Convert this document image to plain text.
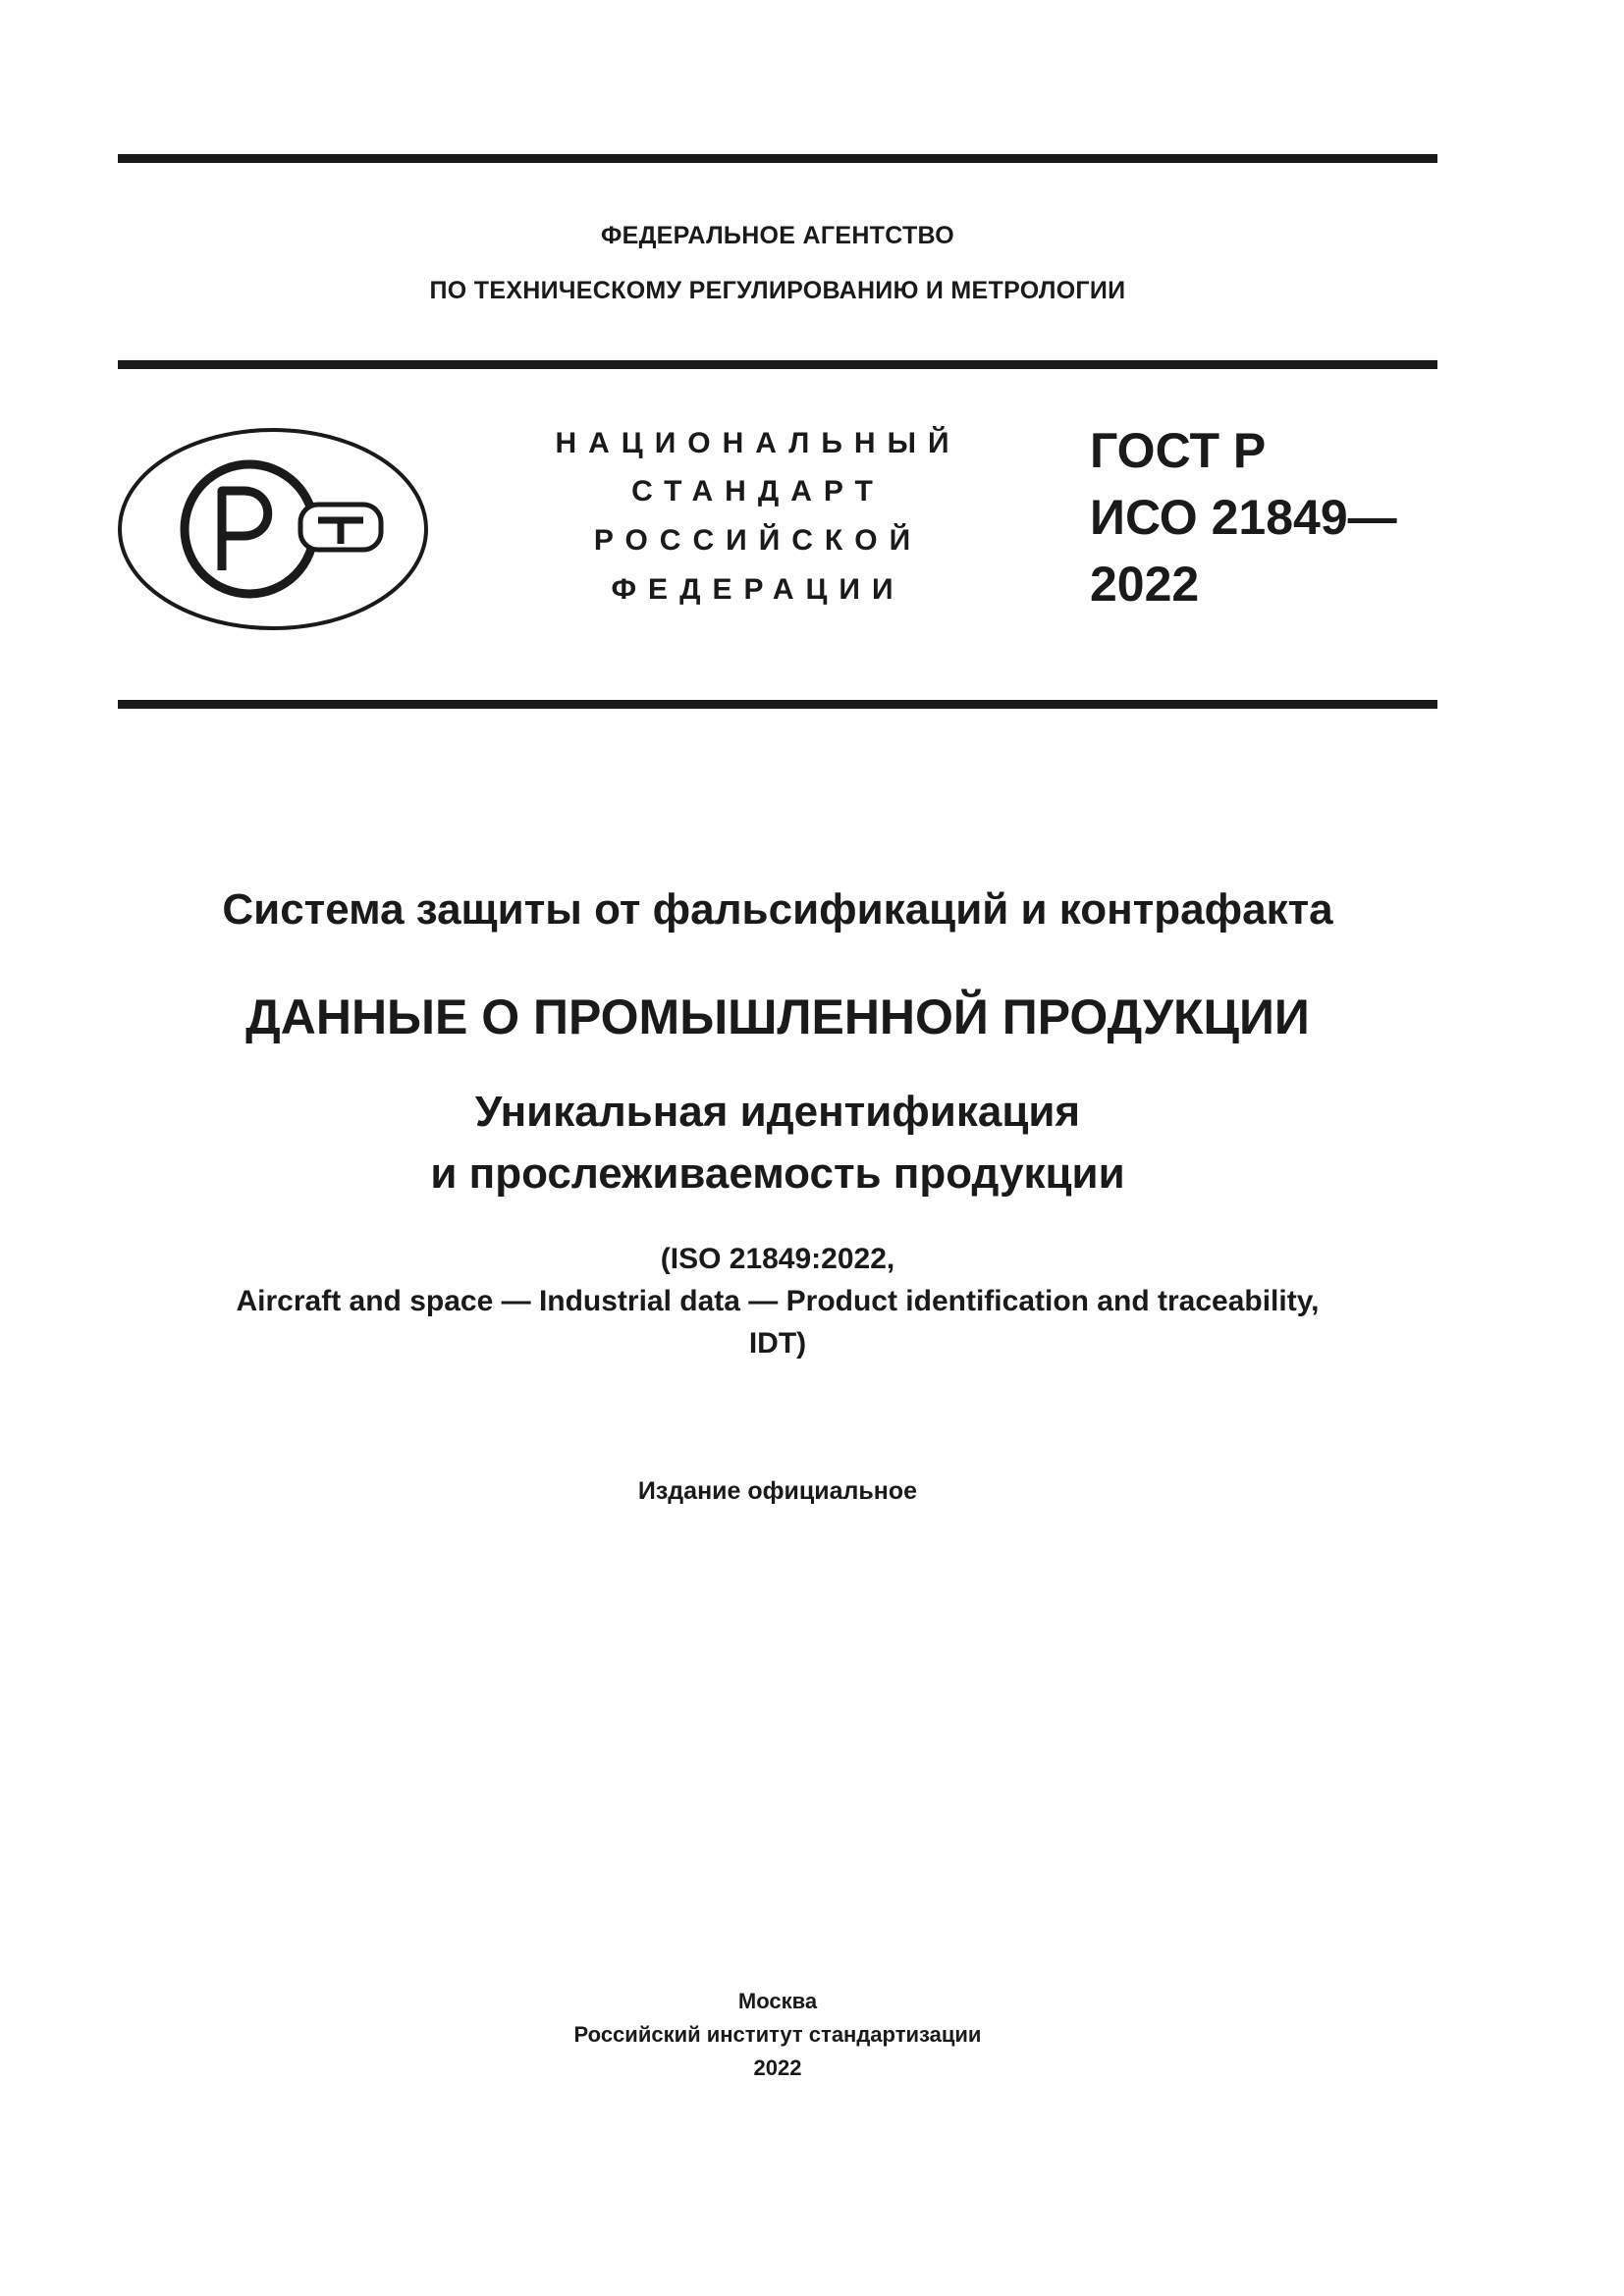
ФЕДЕРАЛЬНОЕ АГЕНТСТВО
ПО ТЕХНИЧЕСКОМУ РЕГУЛИРОВАНИЮ И МЕТРОЛОГИИ
НАЦИОНАЛЬНЫЙ
СТАНДАРТ
РОССИЙСКОЙ
ФЕДЕРАЦИИ
ГОСТ Р
ИСО 21849—
2022
Система защиты от фальсификаций и контрафакта
ДАННЫЕ О ПРОМЫШЛЕННОЙ ПРОДУКЦИИ
Уникальная идентификация
и прослеживаемость продукции
(ISO 21849:2022,
Aircraft and space — Industrial data — Product identification and traceability,
IDT)
Издание официальное
Москва
Российский институт стандартизации
2022
